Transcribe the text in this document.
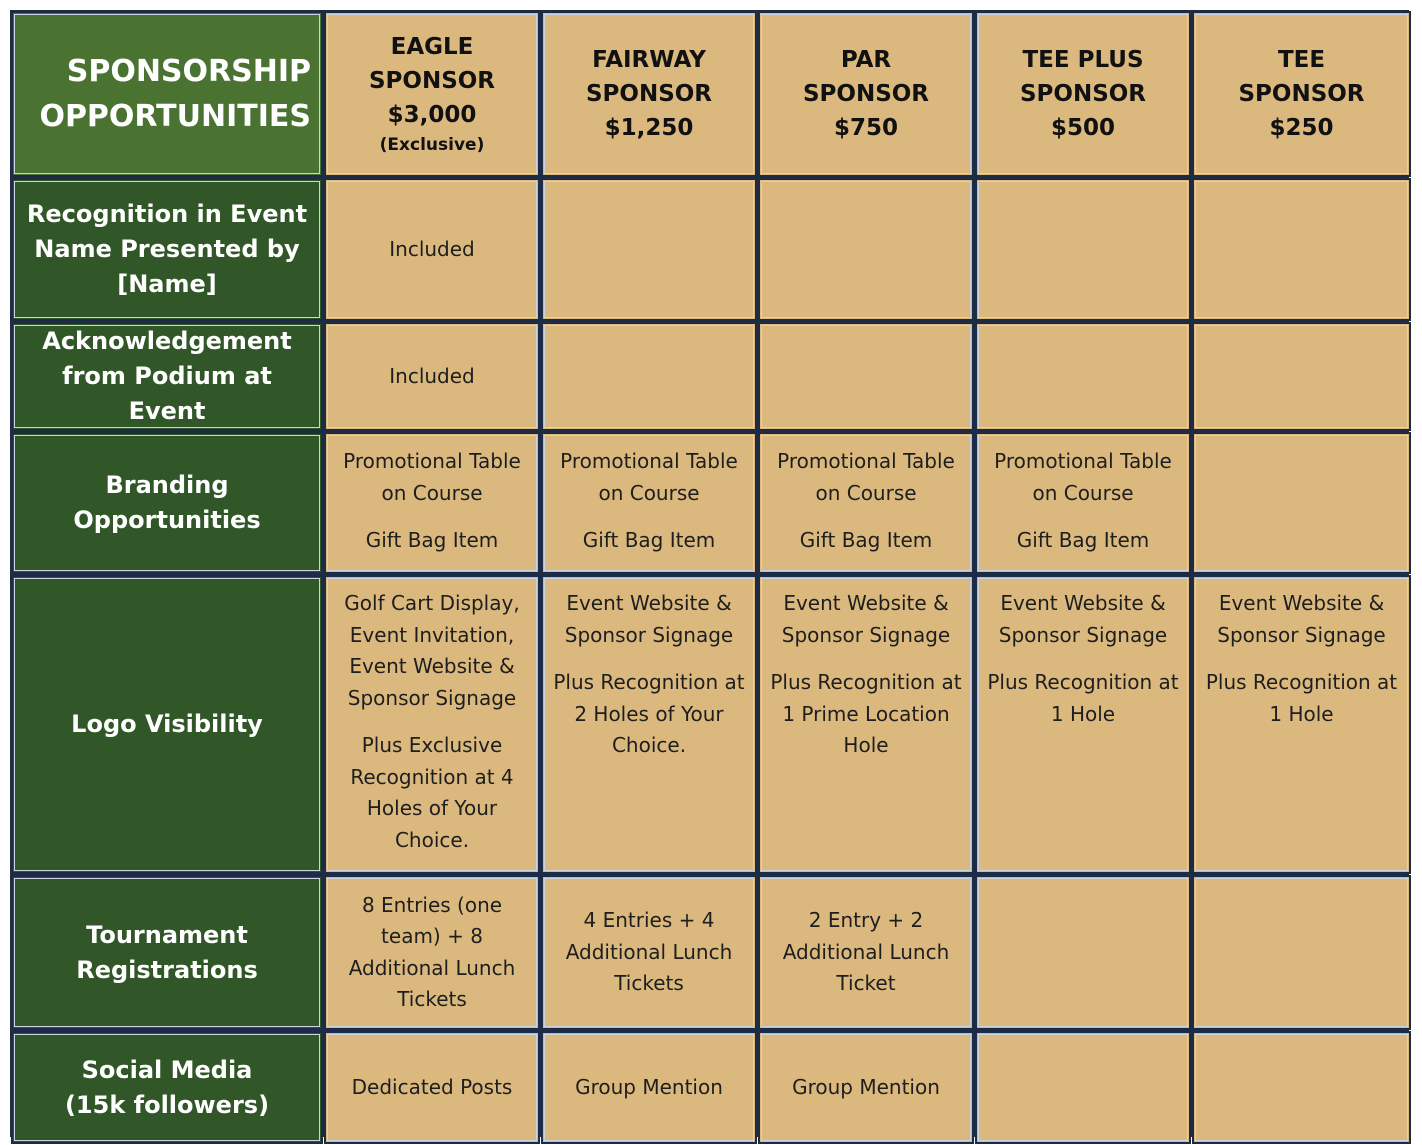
SPONSORSHIP
OPPORTUNITIES
EAGLE
SPONSOR
$3,000
(Exclusive)
FAIRWAY
SPONSOR
$1,250
PAR
SPONSOR
$750
TEE PLUS
SPONSOR
$500
TEE
SPONSOR
$250
Recognition in Event
Name Presented by
[Name]
Included
Acknowledgement
from Podium at Event
Included
Branding
Opportunities
Promotional Table
on Course
Gift Bag Item
Promotional Table
on Course
Gift Bag Item
Promotional Table
on Course
Gift Bag Item
Promotional Table
on Course
Gift Bag Item
Logo Visibility
Golf Cart Display,
Event Invitation,
Event Website &
Sponsor Signage
Plus Exclusive
Recognition at 4
Holes of Your
Choice.
Event Website &
Sponsor Signage
Plus Recognition at
2 Holes of Your
Choice.
Event Website &
Sponsor Signage
Plus Recognition at
1 Prime Location
Hole
Event Website &
Sponsor Signage
Plus Recognition at
1 Hole
Event Website &
Sponsor Signage
Plus Recognition at
1 Hole
Tournament
Registrations
8 Entries (one
team) + 8
Additional Lunch
Tickets
4 Entries + 4
Additional Lunch
Tickets
2 Entry + 2
Additional Lunch
Ticket
Social Media
(15k followers)
Dedicated Posts	Group Mention	Group Mention
